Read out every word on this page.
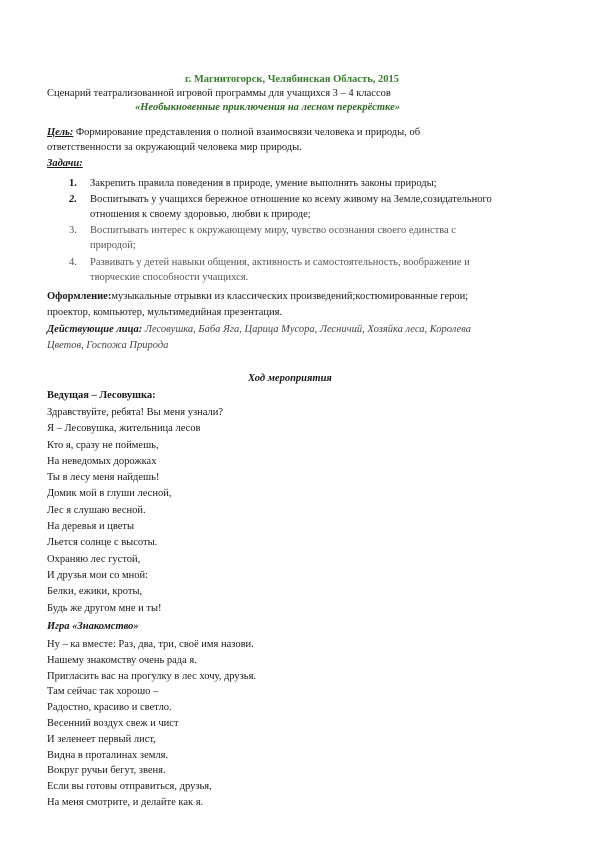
г. Магнитогорск, Челябинская Область, 2015
Сценарий театрализованной игровой программы для учащихся 3 – 4 классов
«Необыкновенные приключения на лесном перекрёстке»
Цель: Формирование представления о полной взаимосвязи человека и природы, об
ответственности за окружающий человека мир природы.
Задачи:
1. Закрепить правила поведения в природе, умение выполнять законы природы;
2. Воспитывать у учащихся бережное отношение ко всему живому на Земле,созидательного
отношения к своему здоровью, любви к природе;
3. Воспитывать интерес к окружающему миру, чувство осознания своего единства с
природой;
4. Развивать у детей навыки общения, активность и самостоятельность, воображение и
творческие способности учащихся.
Оформление:музыкальные отрывки из классических произведений;костюмированные герои;
проектор, компьютер, мультимедийная презентация.
Действующие лица: Лесовушка, Баба Яга, Царица Мусора, Лесничий, Хозяйка леса, Королева
Цветов, Госпожа Природа
Ход мероприятия
Ведущая – Лесовушка:
Здравствуйте, ребята! Вы меня узнали?
Я – Лесовушка, жительница лесов
Кто я, сразу не поймешь,
На неведомых дорожках
Ты в лесу меня найдешь!
Домик мой в глуши лесной,
Лес я слушаю весной.
На деревья и цветы
Льется солнце с высоты.
Охраняю лес густой,
И друзья мои со мной:
Белки, ежики, кроты,
Будь же другом мне и ты!
Игра «Знакомство»
Ну – ка вместе: Раз, два, три, своё имя назови.
Нашему знакомству очень рада я.
Пригласить вас на прогулку в лес хочу, друзья.
Там сейчас так хорошо –
Радостно, красиво и светло.
Весенний воздух свеж и чист
И зеленеет первый лист,
Видна в проталинах земля.
Вокруг ручьи бегут, звеня.
Если вы готовы отправиться, друзья,
На меня смотрите, и делайте как я.
